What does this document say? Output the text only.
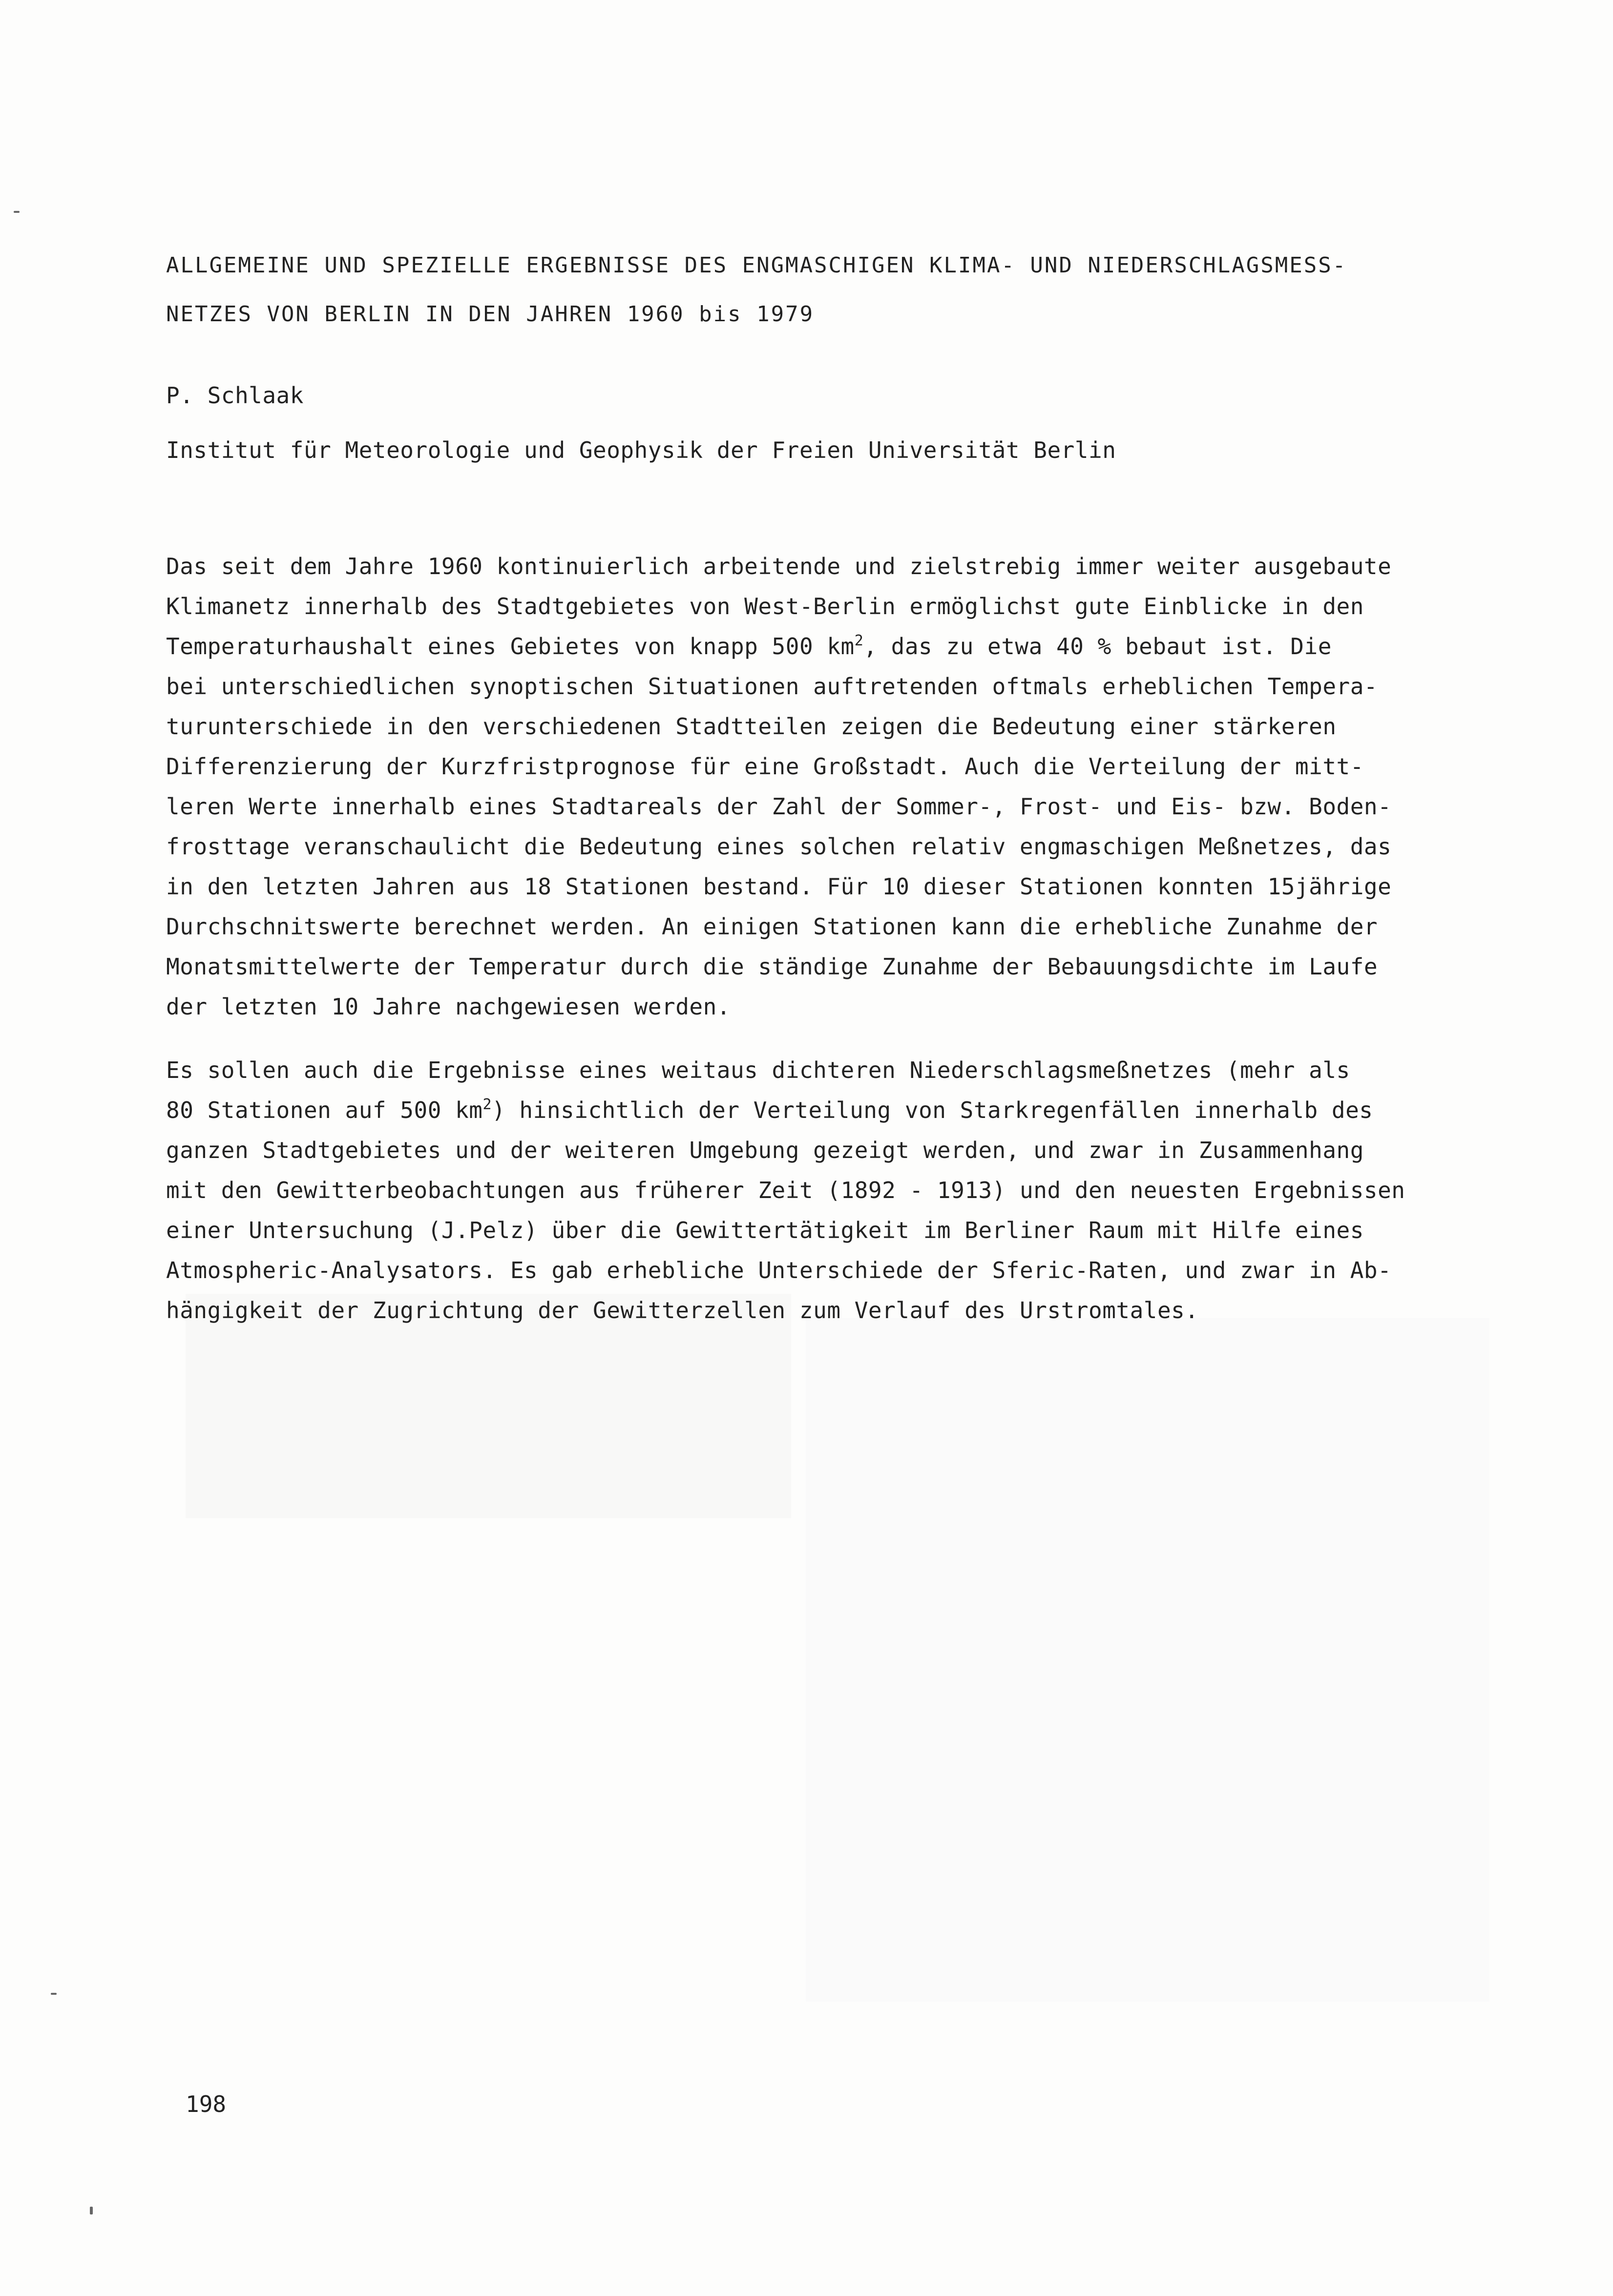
ALLGEMEINE UND SPEZIELLE ERGEBNISSE DES ENGMASCHIGEN KLIMA- UND NIEDERSCHLAGSMESS-
NETZES VON BERLIN IN DEN JAHREN 1960 bis 1979
P. Schlaak
Institut für Meteorologie und Geophysik der Freien Universität Berlin
Das seit dem Jahre 1960 kontinuierlich arbeitende und zielstrebig immer weiter ausgebaute
Klimanetz innerhalb des Stadtgebietes von West-Berlin ermöglichst gute Einblicke in den
Temperaturhaushalt eines Gebietes von knapp 500 $km^2$, das zu etwa 40 % bebaut ist. Die
bei unterschiedlichen synoptischen Situationen auftretenden oftmals erheblichen Tempera-
turunterschiede in den verschiedenen Stadtteilen zeigen die Bedeutung einer stärkeren
Differenzierung der Kurzfristprognose für eine Großstadt. Auch die Verteilung der mitt-
leren Werte innerhalb eines Stadtareals der Zahl der Sommer-, Frost- und Eis- bzw. Boden-
frosttage veranschaulicht die Bedeutung eines solchen relativ engmaschigen Meßnetzes, das
in den letzten Jahren aus 18 Stationen bestand. Für 10 dieser Stationen konnten 15jährige
Durchschnitswerte berechnet werden. An einigen Stationen kann die erhebliche Zunahme der
Monatsmittelwerte der Temperatur durch die ständige Zunahme der Bebauungsdichte im Laufe
der letzten 10 Jahre nachgewiesen werden.
Es sollen auch die Ergebnisse eines weitaus dichteren Niederschlagsmeßnetzes (mehr als
80 Stationen auf 500 $km^2$) hinsichtlich der Verteilung von Starkregenfällen innerhalb des
ganzen Stadtgebietes und der weiteren Umgebung gezeigt werden, und zwar in Zusammenhang
mit den Gewitterbeobachtungen aus früherer Zeit (1892 - 1913) und den neuesten Ergebnissen
einer Untersuchung (J.Pelz) über die Gewittertätigkeit im Berliner Raum mit Hilfe eines
Atmospheric-Analysators. Es gab erhebliche Unterschiede der Sferic-Raten, und zwar in Ab-
hängigkeit der Zugrichtung der Gewitterzellen zum Verlauf des Urstromtales.
198
